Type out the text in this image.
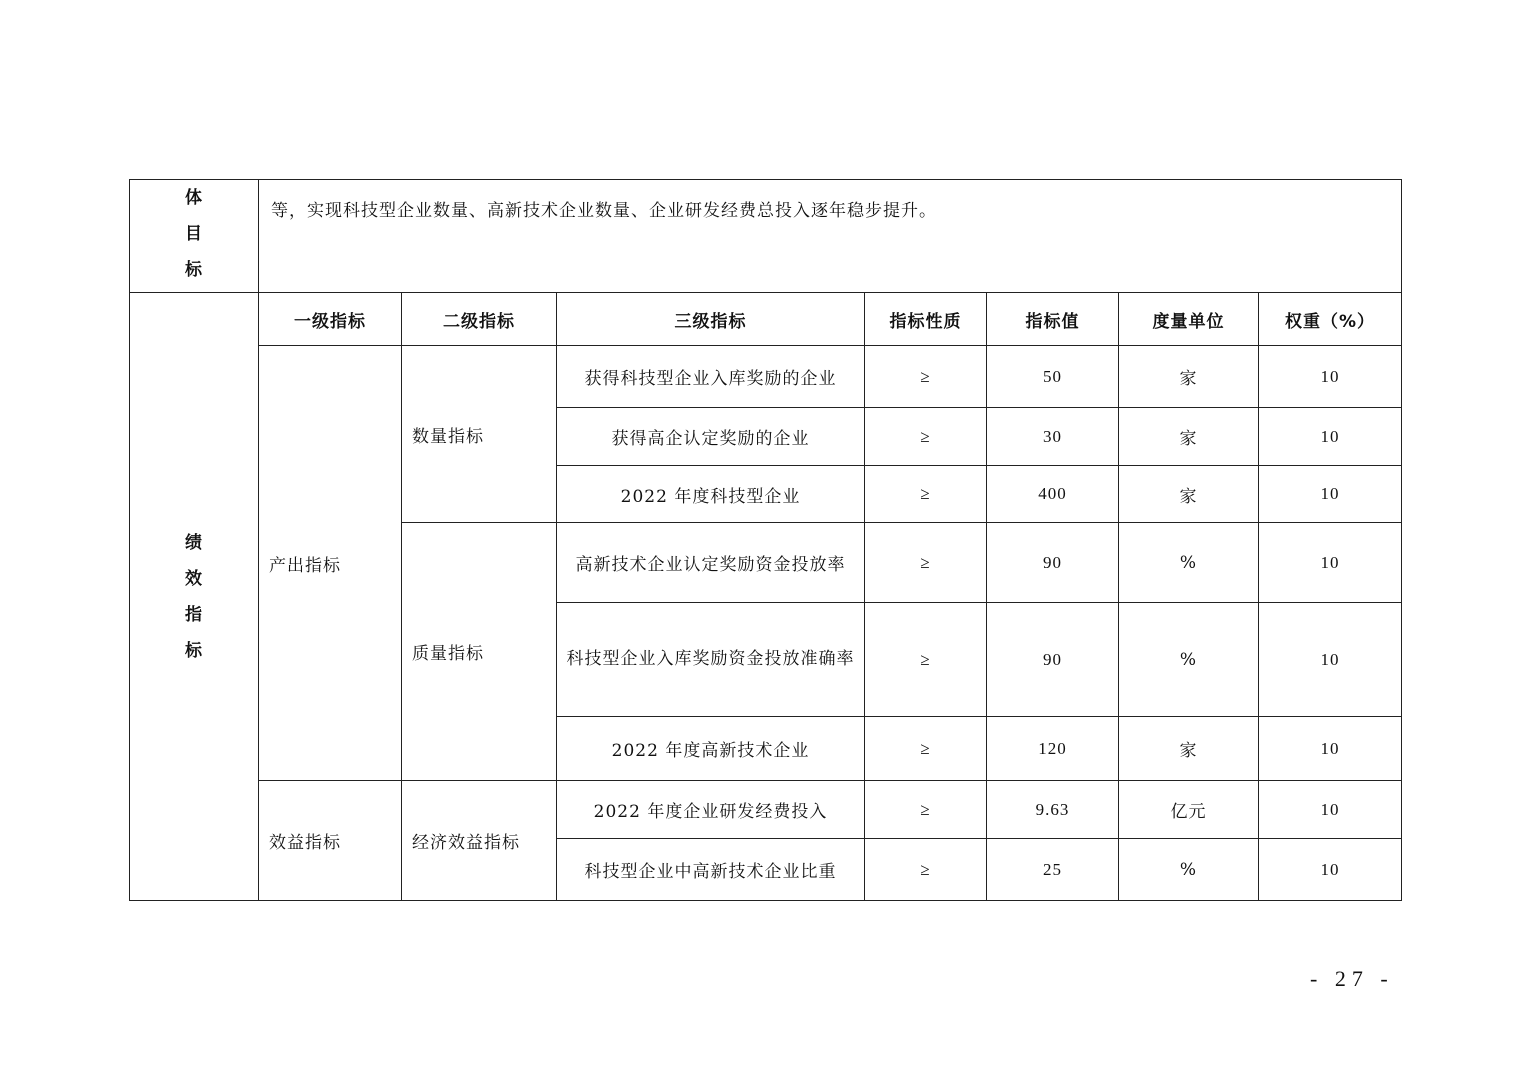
体目标	等，实现科技型企业数量、高新技术企业数量、企业研发经费总投入逐年稳步提升。						
绩效指标	一级指标	二级指标	三级指标	指标性质	指标值	度量单位	权重（%）
	产出指标	数量指标	获得科技型企业入库奖励的企业	≥	50	家	10
			获得高企认定奖励的企业	≥	30	家	10
			2022 年度科技型企业	≥	400	家	10
		质量指标	高新技术企业认定奖励资金投放率	≥	90	%	10
			科技型企业入库奖励资金投放准确率	≥	90	%	10
			2022 年度高新技术企业	≥	120	家	10
	效益指标	经济效益指标	2022 年度企业研发经费投入	≥	9.63	亿元	10
			科技型企业中高新技术企业比重	≥	25	%	10
- 27 -
